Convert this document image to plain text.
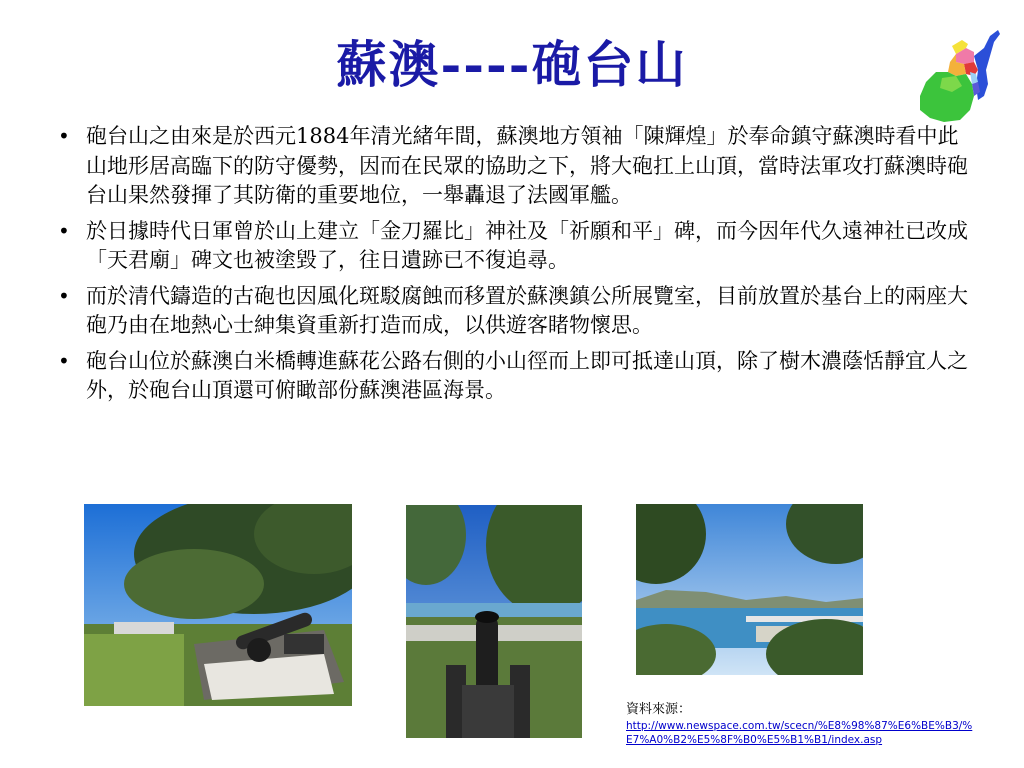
蘇澳----砲台山
• 砲台山之由來是於西元1884年清光緒年間，蘇澳地方領袖「陳輝煌」於奉命鎮守蘇澳時看中此山地形居高臨下的防守優勢，因而在民眾的協助之下，將大砲扛上山頂，當時法軍攻打蘇澳時砲台山果然發揮了其防衛的重要地位，一舉轟退了法國軍艦。
• 於日據時代日軍曾於山上建立「金刀羅比」神社及「祈願和平」碑，而今因年代久遠神社已改成「天君廟」碑文也被塗毀了，往日遺跡已不復追尋。
• 而於清代鑄造的古砲也因風化斑駁腐蝕而移置於蘇澳鎮公所展覽室，目前放置於基台上的兩座大砲乃由在地熱心士紳集資重新打造而成，以供遊客睹物懷思。
• 砲台山位於蘇澳白米橋轉進蘇花公路右側的小山徑而上即可抵達山頂，除了樹木濃蔭恬靜宜人之外，於砲台山頂還可俯瞰部份蘇澳港區海景。
資料來源：
http://www.newspace.com.tw/scecn/%E8%98%87%E6%BE%B3/%E7%A0%B2%E5%8F%B0%E5%B1%B1/index.asp
